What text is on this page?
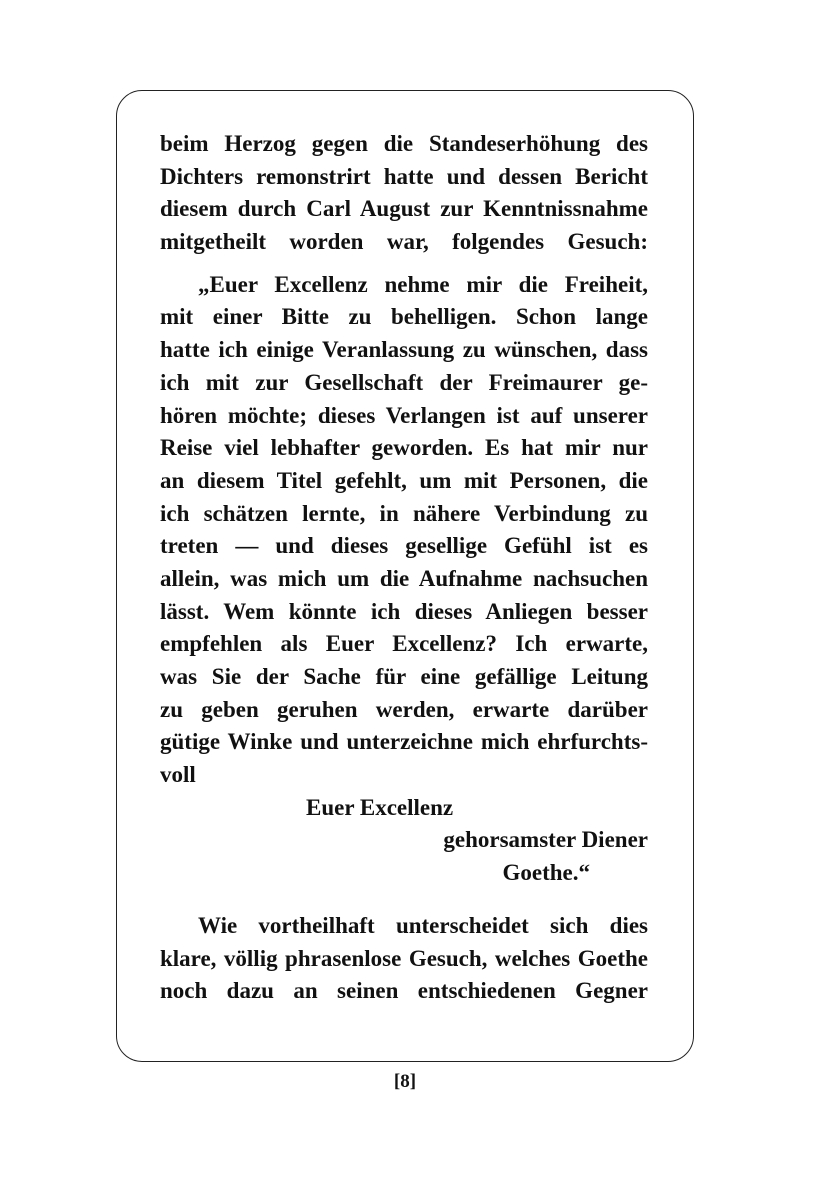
beim Herzog gegen die Standeserhöhung des
Dichters remonstrirt hatte und dessen Bericht
diesem durch Carl August zur Kenntnissnahme
mitgetheilt worden war, folgendes Gesuch:
„Euer Excellenz nehme mir die Freiheit,
mit einer Bitte zu behelligen. Schon lange
hatte ich einige Veranlassung zu wünschen, dass
ich mit zur Gesellschaft der Freimaurer ge-
hören möchte; dieses Verlangen ist auf unserer
Reise viel lebhafter geworden. Es hat mir nur
an diesem Titel gefehlt, um mit Personen, die
ich schätzen lernte, in nähere Verbindung zu
treten — und dieses gesellige Gefühl ist es
allein, was mich um die Aufnahme nachsuchen
lässt. Wem könnte ich dieses Anliegen besser
empfehlen als Euer Excellenz? Ich erwarte,
was Sie der Sache für eine gefällige Leitung
zu geben geruhen werden, erwarte darüber
gütige Winke und unterzeichne mich ehrfurchts-
voll
Euer Excellenz
gehorsamster Diener
Goethe.“
Wie vortheilhaft unterscheidet sich dies
klare, völlig phrasenlose Gesuch, welches Goethe
noch dazu an seinen entschiedenen Gegner
[8]
